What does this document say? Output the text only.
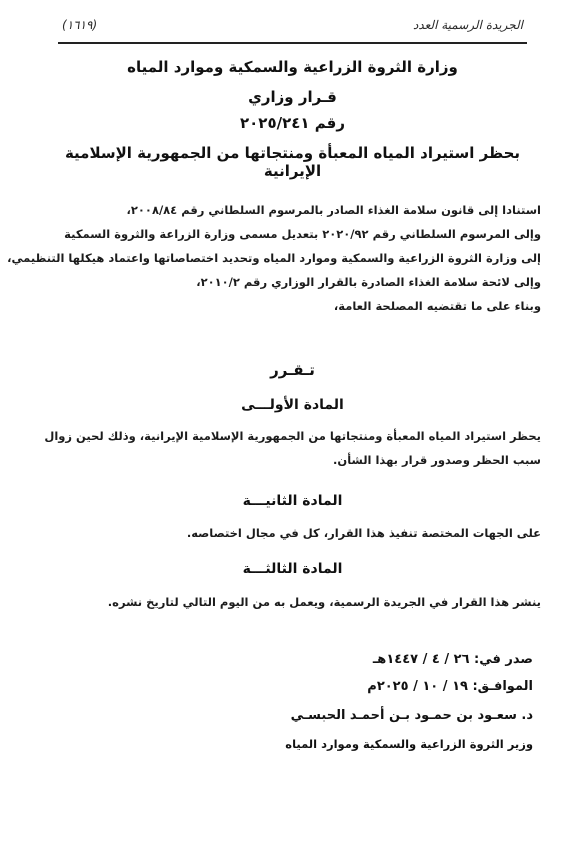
الجريدة الرسمية العدد
(١٦١٩)
وزارة الثروة الزراعية والسمكية وموارد المياه
قـرار وزاري
رقم ٢٠٢٥/٢٤١
بحظر استيراد المياه المعبأة ومنتجاتها من الجمهورية الإسلامية الإيرانية
استنادا إلى قانون سلامة الغذاء الصادر بالمرسوم السلطاني رقم ٢٠٠٨/٨٤،
وإلى المرسوم السلطاني رقم ٢٠٢٠/٩٢ بتعديل مسمى وزارة الزراعة والثروة السمكية
إلى وزارة الثروة الزراعية والسمكية وموارد المياه وتحديد اختصاصاتها واعتماد هيكلها التنظيمي،
وإلى لائحة سلامة الغذاء الصادرة بالقرار الوزاري رقم ٢٠١٠/٢،
وبناء على ما تقتضيه المصلحة العامة،
تـقـرر
المادة الأولـــى
يحظر استيراد المياه المعبأة ومنتجاتها من الجمهورية الإسلامية الإيرانية، وذلك لحين زوال
سبب الحظر وصدور قرار بهذا الشأن.
المادة الثانيـــة
على الجهات المختصة تنفيذ هذا القرار، كل في مجال اختصاصه.
المادة الثالثـــة
ينشر هذا القرار في الجريدة الرسمية، ويعمل به من اليوم التالي لتاريخ نشره.
صدر في: ٢٦ / ٤ / ١٤٤٧هـ
الموافـق: ١٩ / ١٠ / ٢٠٢٥م
د. سعـود بن حمـود بـن أحمـد الحبسـي
وزير الثروة الزراعية والسمكية وموارد المياه
